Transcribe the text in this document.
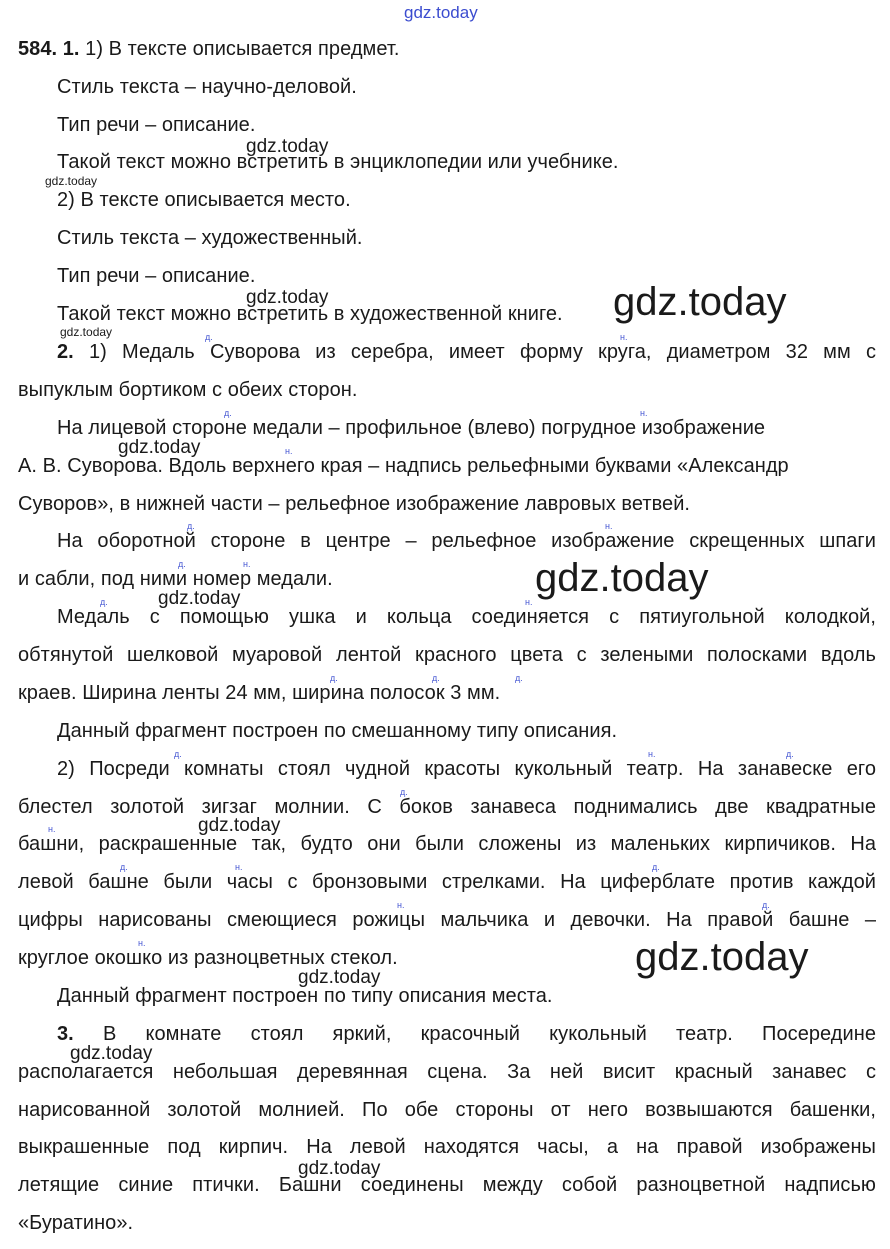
gdz.today
584. 1. 1) В тексте описывается предмет.
Стиль текста – научно-деловой.
Тип речи – описание.
Такой текст можно встретить в энциклопедии или учебнике.
2) В тексте описывается место.
Стиль текста – художественный.
Тип речи – описание.
Такой текст можно встретить в художественной книге.
2. 1) Медаль Суворова из серебра, имеет форму круга, диаметром 32 мм с
выпуклым бортиком с обеих сторон.
На лицевой стороне медали – профильное (влево) погрудное изображение
А. В. Суворова. Вдоль верхнего края – надпись рельефными буквами «Александр
Суворов», в нижней части – рельефное изображение лавровых ветвей.
На оборотной стороне в центре – рельефное изображение скрещенных шпаги
и сабли, под ними номер медали.
Медаль с помощью ушка и кольца соединяется с пятиугольной колодкой,
обтянутой шелковой муаровой лентой красного цвета с зелеными полосками вдоль
краев. Ширина ленты 24 мм, ширина полосок 3 мм.
Данный фрагмент построен по смешанному типу описания.
2) Посреди комнаты стоял чудной красоты кукольный театр. На занавеске его
блестел золотой зигзаг молнии. С боков занавеса поднимались две квадратные
башни, раскрашенные так, будто они были сложены из маленьких кирпичиков. На
левой башне были часы с бронзовыми стрелками. На циферблате против каждой
цифры нарисованы смеющиеся рожицы мальчика и девочки. На правой башне –
круглое окошко из разноцветных стекол.
Данный фрагмент построен по типу описания места.
3. В комнате стоял яркий, красочный кукольный театр. Посередине
располагается небольшая деревянная сцена. За ней висит красный занавес с
нарисованной золотой молнией. По обе стороны от него возвышаются башенки,
выкрашенные под кирпич. На левой находятся часы, а на правой изображены
летящие синие птички. Башни соединены между собой разноцветной надписью
«Буратино».
д.	н.
д.	н.
н.
д.	н.
д.	н.
д.	н.
д.	д.	д.
д.	н.	д.
д.
н.
д.	н.	д.
н.	д.
н.
gdz.today
gdz.today
gdz.today	gdz.today
gdz.today
gdz.today
gdz.today
gdz.today
gdz.today
gdz.today
gdz.today
gdz.today
gdz.today
